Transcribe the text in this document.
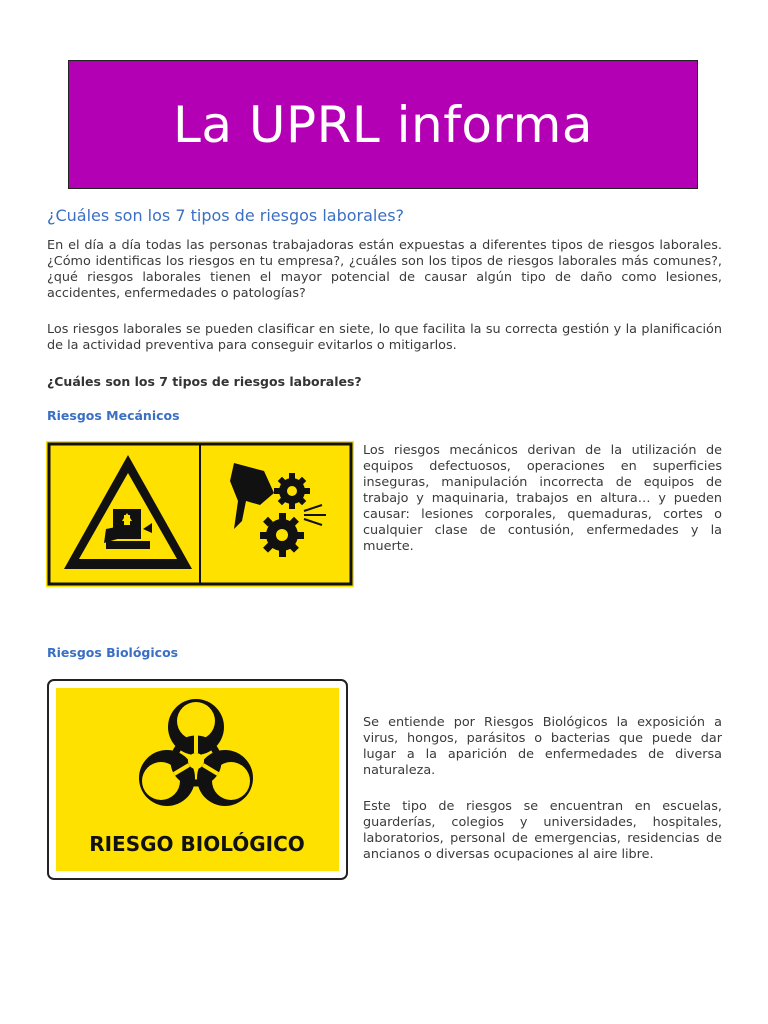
La UPRL informa
¿Cuáles son los 7 tipos de riesgos laborales?
En el día a día todas las personas trabajadoras están expuestas a diferentes tipos de riesgos laborales. ¿Cómo identificas los riesgos en tu empresa?, ¿cuáles son los tipos de riesgos laborales más comunes?, ¿qué riesgos laborales tienen el mayor potencial de causar algún tipo de daño como lesiones, accidentes, enfermedades o patologías?
Los riesgos laborales se pueden clasificar en siete, lo que facilita la su correcta gestión y la planificación de la actividad preventiva para conseguir evitarlos o mitigarlos.
¿Cuáles son los 7 tipos de riesgos laborales?
Riesgos Mecánicos
Los riesgos mecánicos derivan de la utilización de equipos defectuosos, operaciones en superficies inseguras, manipulación incorrecta de equipos de trabajo y maquinaria, trabajos en altura… y pueden causar: lesiones corporales, quemaduras, cortes o cualquier clase de contusión, enfermedades y la muerte.
Riesgos Biológicos
RIESGO BIOLÓGICO
Se entiende por Riesgos Biológicos la exposición a virus, hongos, parásitos o bacterias que puede dar lugar a la aparición de enfermedades de diversa naturaleza.
Este tipo de riesgos se encuentran en escuelas, guarderías, colegios y universidades, hospitales, laboratorios, personal de emergencias, residencias de ancianos o diversas ocupaciones al aire libre.
